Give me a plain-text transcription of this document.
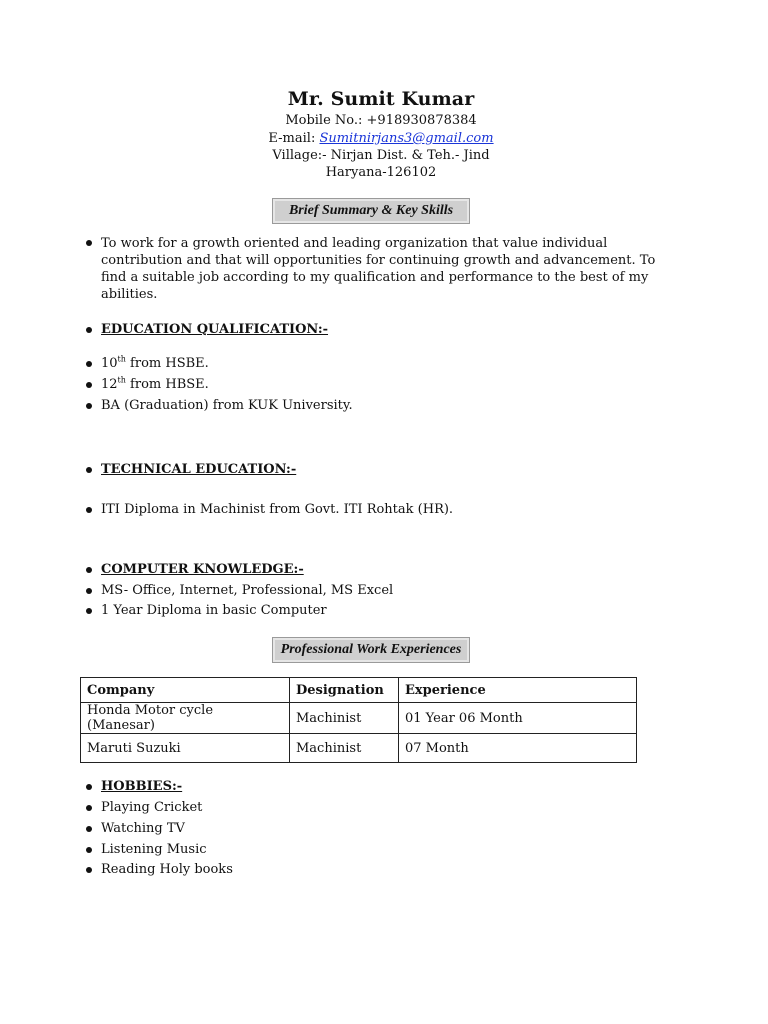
Mr. Sumit Kumar
Mobile No.: +918930878384
E-mail: Sumitnirjans3@gmail.com
Village:- Nirjan Dist. & Teh.- Jind
Haryana-126102
Brief Summary & Key Skills
To work for a growth oriented and leading organization that value individual contribution and that will opportunities for continuing growth and advancement. To find a suitable job according to my qualification and performance to the best of my abilities.
EDUCATION QUALIFICATION:-
10th from HSBE.
12th from HBSE.
BA (Graduation) from KUK University.
TECHNICAL EDUCATION:-
ITI Diploma in Machinist from Govt. ITI Rohtak (HR).
COMPUTER KNOWLEDGE:-
MS- Office, Internet, Professional, MS Excel
1 Year Diploma in basic Computer
Professional Work Experiences
Company	Designation	Experience
Honda Motor cycle (Manesar)	Machinist	01 Year 06 Month
Maruti Suzuki	Machinist	07 Month
HOBBIES:-
Playing Cricket
Watching TV
Listening Music
Reading Holy books
